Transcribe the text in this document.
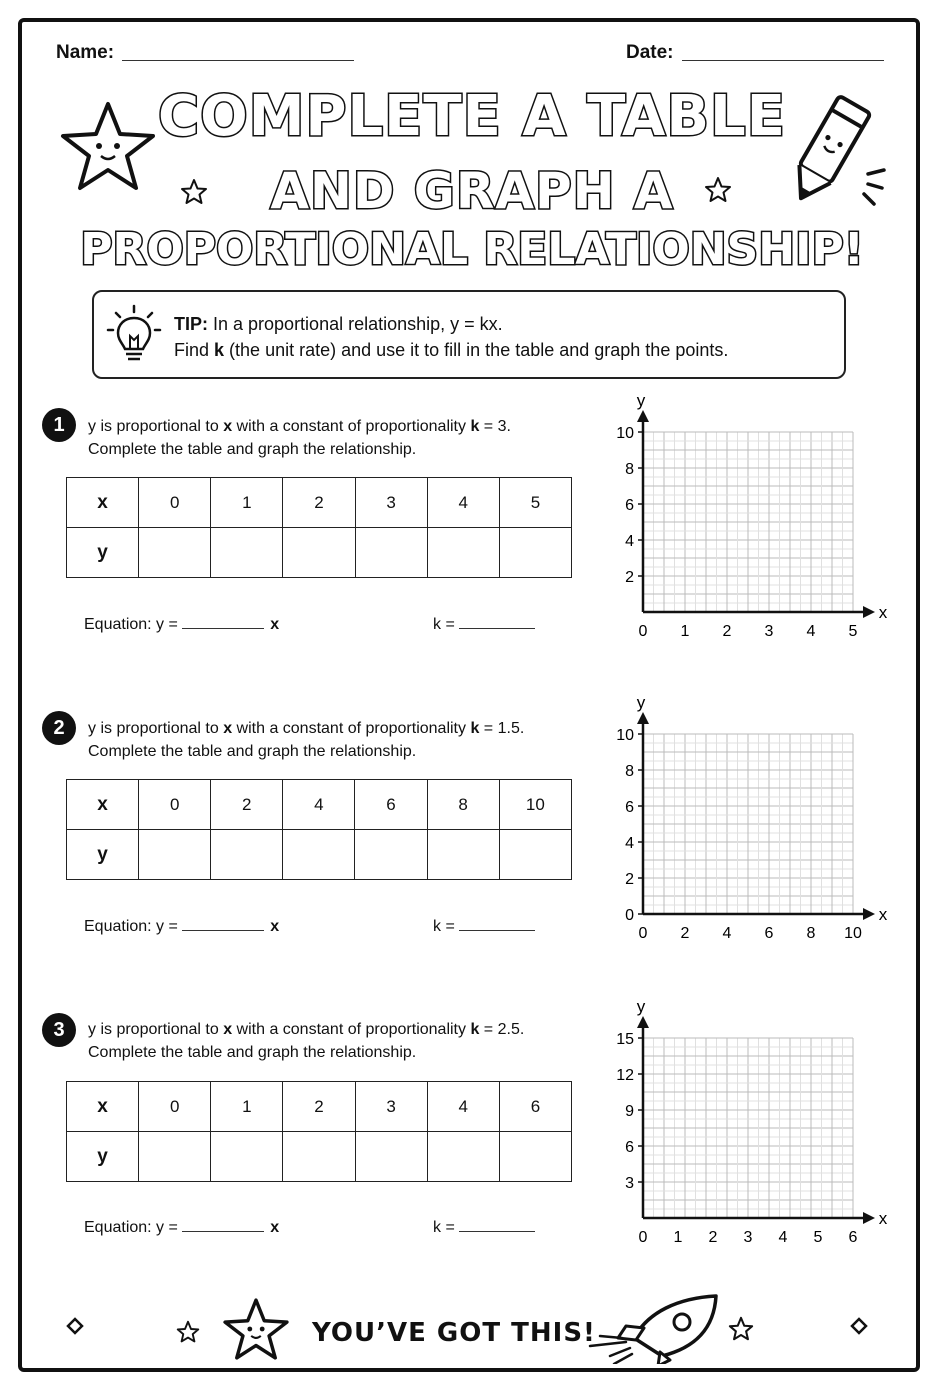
Name:	Date:
COMPLETE A TABLE
AND GRAPH A
PROPORTIONAL RELATIONSHIP!
TIP: In a proportional relationship, y = kx.
Find k (the unit rate) and use it to fill in the table and graph the points.
1	y is proportional to x with a constant of proportionality k = 3.
Complete the table and graph the relationship.
x	0	1	2	3	4	5
y						
Equation: y =	x	k =
x
y
0 1 2 3 4 5
2
4
6
8
10
2	y is proportional to x with a constant of proportionality k = 1.5.
Complete the table and graph the relationship.
x	0	2	4	6	8	10
y						
Equation: y =	x	k =
x
y
0 2 4 6 8 10
0
2
4
6
8
10
3	y is proportional to x with a constant of proportionality k = 2.5.
Complete the table and graph the relationship.
x	0	1	2	3	4	6
y						
Equation: y =	x	k =	x
y
0 1 2 3 4 5 6
3
6
9
12
15
YOU’VE GOT THIS!
